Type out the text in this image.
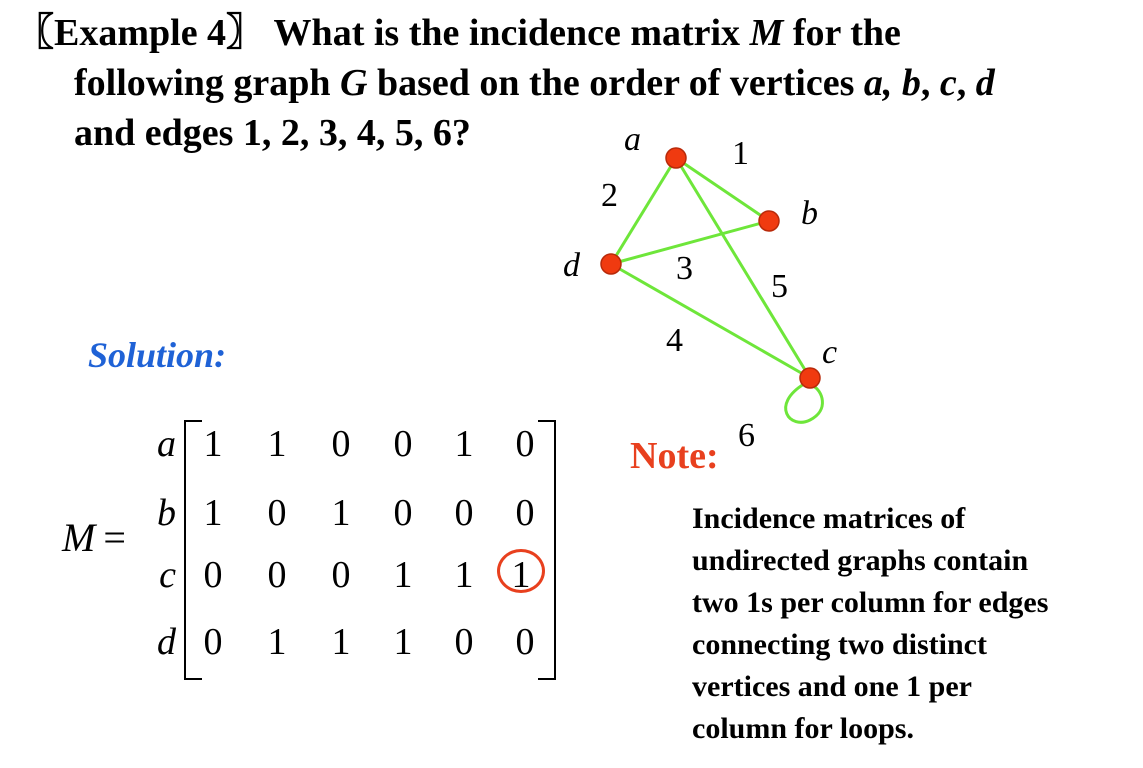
〖Example 4〗 What is the incidence matrix M for the
following graph G based on the order of vertices a, b, c, d
and edges 1, 2, 3, 4, 5, 6?	a
b
c
d
1
2
3
4
5
6
Solution:
M =
a
b
c
d
1 1 0 0 1 0
1 0 1 0 0 0
0 0 0 1 1 1
0 1 1 1 0 0
Note:
Incidence matrices of
undirected graphs contain
two 1s per column for edges
connecting two distinct
vertices and one 1 per
column for loops.
